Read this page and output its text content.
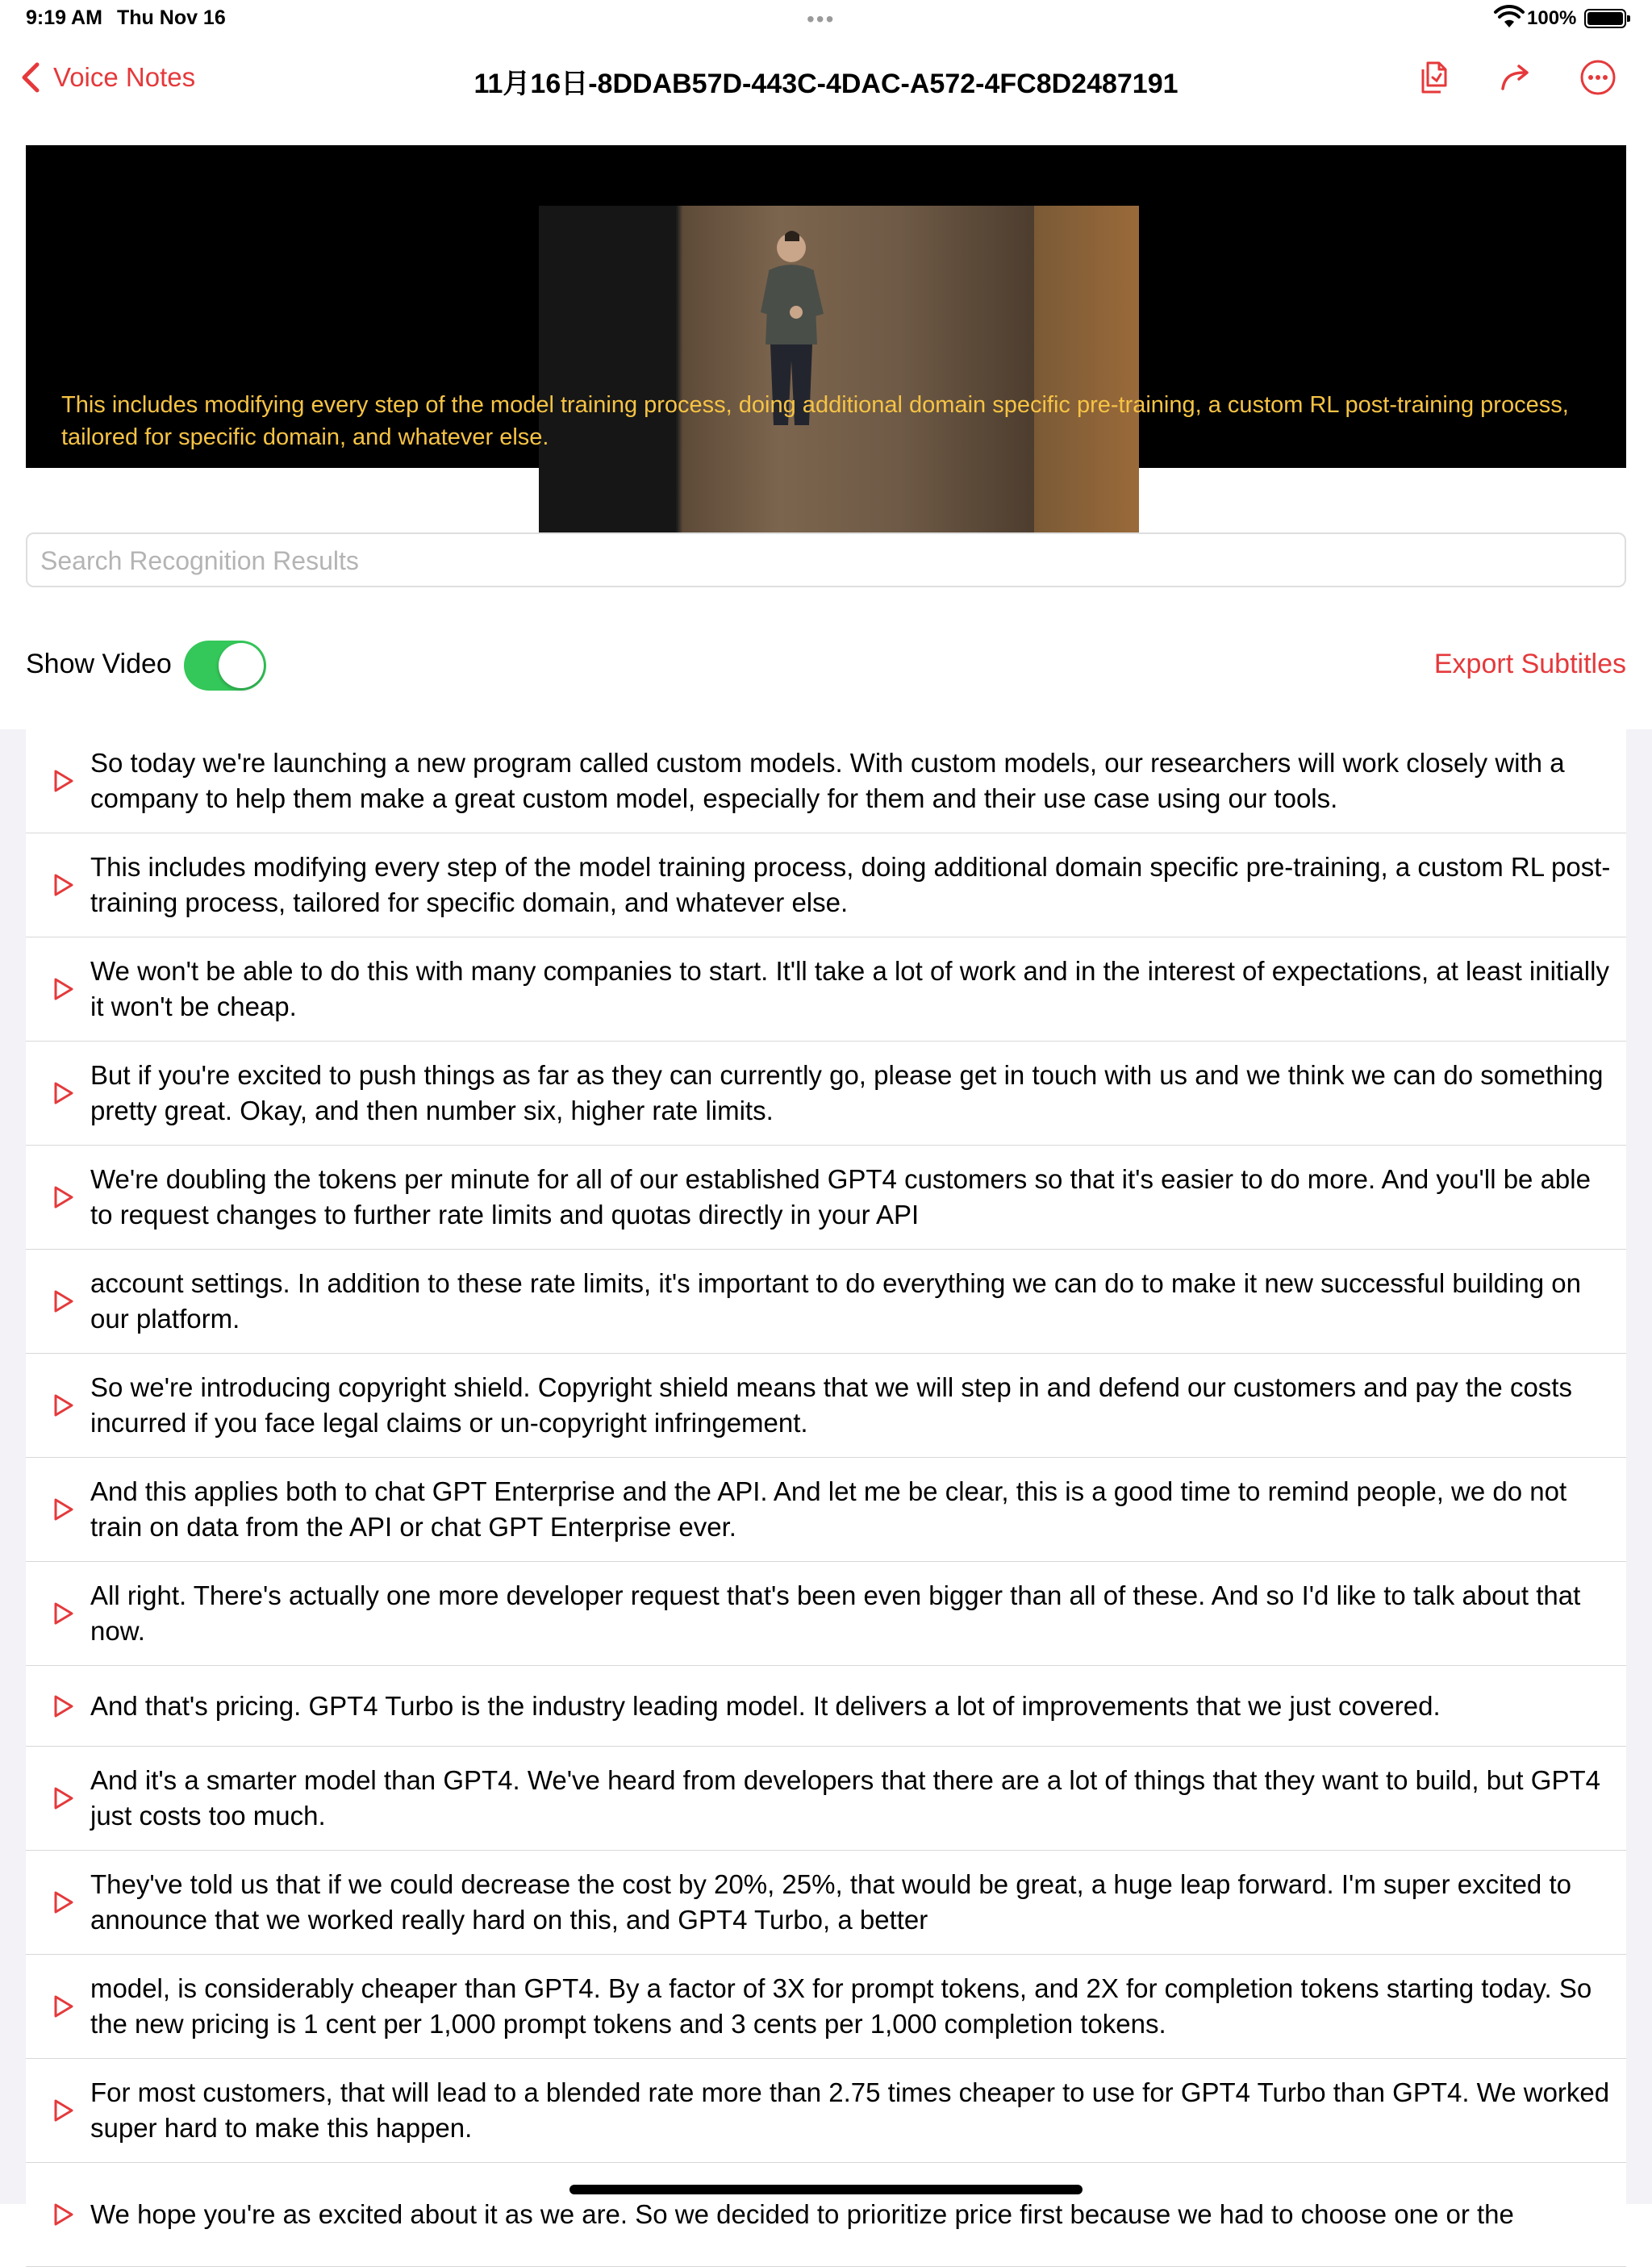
9:19 AM Thu Nov 16	•••	100%
Voice Notes	11月16日-8DDAB57D-443C-4DAC-A572-4FC8D2487191
This includes modifying every step of the model training process, doing additional domain specific pre-training, a custom RL post-training process, tailored for specific domain, and whatever else.
Search Recognition Results
Show Video	Export Subtitles
So today we're launching a new program called custom models. With custom models, our researchers will work closely with a company to help them make a great custom model, especially for them and their use case using our tools.
This includes modifying every step of the model training process, doing additional domain specific pre-training, a custom RL post-training process, tailored for specific domain, and whatever else.
We won't be able to do this with many companies to start. It'll take a lot of work and in the interest of expectations, at least initially it won't be cheap.
But if you're excited to push things as far as they can currently go, please get in touch with us and we think we can do something pretty great. Okay, and then number six, higher rate limits.
We're doubling the tokens per minute for all of our established GPT4 customers so that it's easier to do more. And you'll be able to request changes to further rate limits and quotas directly in your API
account settings. In addition to these rate limits, it's important to do everything we can do to make it new successful building on our platform.
So we're introducing copyright shield. Copyright shield means that we will step in and defend our customers and pay the costs incurred if you face legal claims or un-copyright infringement.
And this applies both to chat GPT Enterprise and the API. And let me be clear, this is a good time to remind people, we do not train on data from the API or chat GPT Enterprise ever.
All right. There's actually one more developer request that's been even bigger than all of these. And so I'd like to talk about that now.
And that's pricing. GPT4 Turbo is the industry leading model. It delivers a lot of improvements that we just covered.
And it's a smarter model than GPT4. We've heard from developers that there are a lot of things that they want to build, but GPT4 just costs too much.
They've told us that if we could decrease the cost by 20%, 25%, that would be great, a huge leap forward. I'm super excited to announce that we worked really hard on this, and GPT4 Turbo, a better
model, is considerably cheaper than GPT4. By a factor of 3X for prompt tokens, and 2X for completion tokens starting today. So the new pricing is 1 cent per 1,000 prompt tokens and 3 cents per 1,000 completion tokens.
For most customers, that will lead to a blended rate more than 2.75 times cheaper to use for GPT4 Turbo than GPT4. We worked super hard to make this happen.
We hope you're as excited about it as we are. So we decided to prioritize price first because we had to choose one or the
